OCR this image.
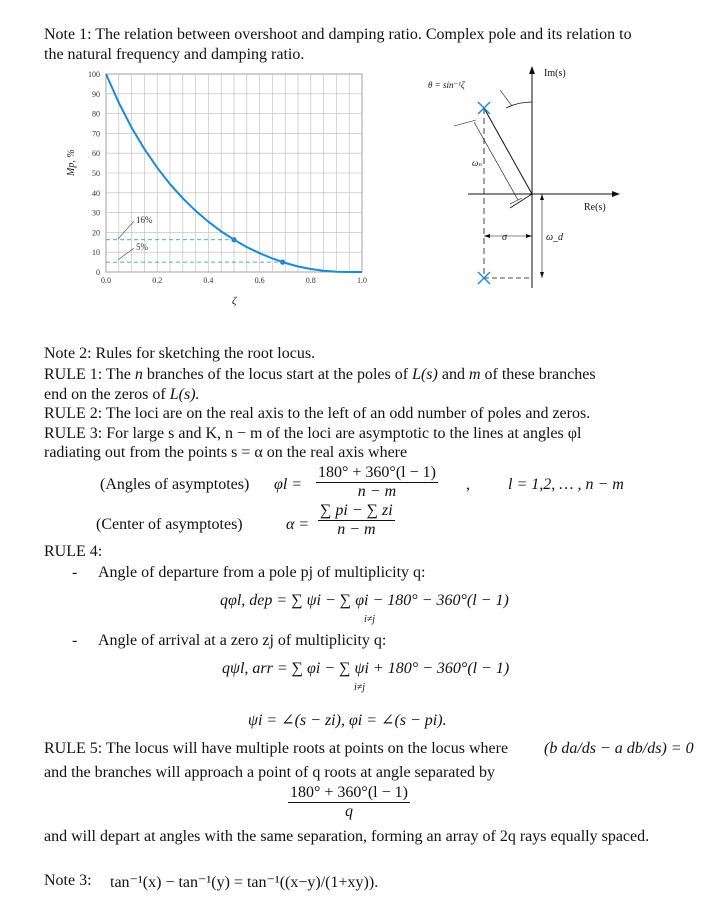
Note 1: The relation between overshoot and damping ratio. Complex pole and its relation to
the natural frequency and damping ratio.
0.0	0.2	0.4	0.6	0.8	1.0
0
10
20
30
40
50
60
70
80
90
100
16%
5%
Mp, %
ζ
θ = sin⁻¹ζ
Im(s)
Re(s)
ωₙ
σ	ω_d
Note 2: Rules for sketching the root locus.
RULE 1: The n branches of the locus start at the poles of L(s) and m of these branches
end on the zeros of L(s).
RULE 2: The loci are on the real axis to the left of an odd number of poles and zeros.
RULE 3: For large s and K, n − m of the loci are asymptotic to the lines at angles φl
radiating out from the points s = α on the real axis where
(Angles of asymptotes) $\varphi l = \frac{180^\circ + 360^\circ(l - 1)}{n - m}$ , l = 1,2, … , n − m
(Center of asymptotes)	$\alpha = \frac{\sum pi - \sum zi}{n - m}$
RULE 4:
- Angle of departure from a pole pj of multiplicity q:
qφl, dep = ∑ ψi − ∑ φi − 180° − 360°(l − 1)
i≠j
- Angle of arrival at a zero zj of multiplicity q:
qψl, arr = ∑ φi − ∑ ψi + 180° − 360°(l − 1)
i≠j
ψi = ∠(s − zi), φi = ∠(s − pi).
RULE 5: The locus will have multiple roots at points on the locus where (b da/ds − a db/ds) = 0
and the branches will approach a point of q roots at angle separated by
$\frac{180^\circ + 360^\circ(l - 1)}{q}$
and will depart at angles with the same separation, forming an array of 2q rays equally spaced.
Note 3: tan⁻¹(x) − tan⁻¹(y) = tan⁻¹((x−y)/(1+xy)).
